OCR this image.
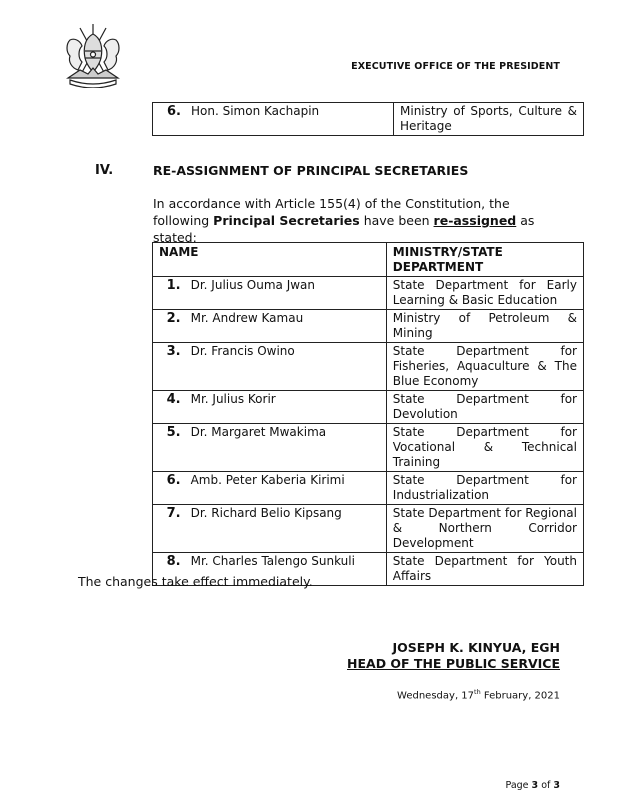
EXECUTIVE OFFICE OF THE PRESIDENT
6.	Hon. Simon Kachapin	Ministry of Sports, Culture & Heritage
IV.	RE-ASSIGNMENT OF PRINCIPAL SECRETARIES
In accordance with Article 155(4) of the Constitution, the following Principal Secretaries have been re-assigned as stated:
NAME		MINISTRY/STATE DEPARTMENT
1.	Dr. Julius Ouma Jwan	State Department for Early Learning & Basic Education
2.	Mr. Andrew Kamau	Ministry of Petroleum & Mining
3.	Dr. Francis Owino	State Department for Fisheries, Aquaculture & The Blue Economy
4.	Mr. Julius Korir	State Department for Devolution
5.	Dr. Margaret Mwakima	State Department for Vocational & Technical Training
6.	Amb. Peter Kaberia Kirimi	State Department for Industrialization
7.	Dr. Richard Belio Kipsang	State Department for Regional & Northern Corridor Development
8.	Mr. Charles Talengo Sunkuli	State Department for Youth Affairs
The changes take effect immediately.
JOSEPH K. KINYUA, EGH
HEAD OF THE PUBLIC SERVICE
Wednesday, 17th February, 2021
Page 3 of 3
